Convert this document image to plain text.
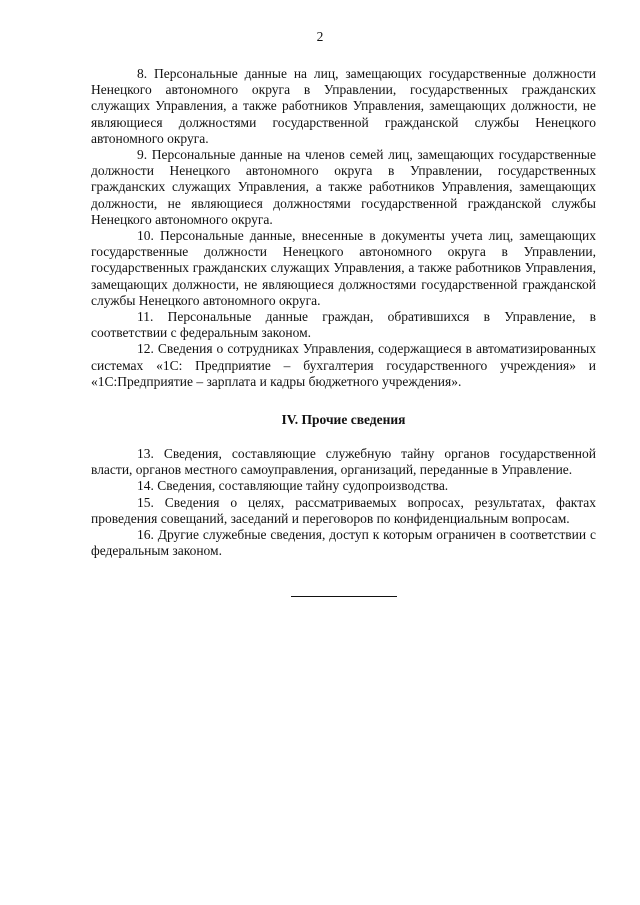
2

8. Персональные данные на лиц, замещающих государственные должности Ненецкого автономного округа в Управлении, государственных гражданских служащих Управления, а также работников Управления, замещающих должности, не являющиеся должностями государственной гражданской службы Ненецкого автономного округа.

9. Персональные данные на членов семей лиц, замещающих государственные должности Ненецкого автономного округа в Управлении, государственных гражданских служащих Управления, а также работников Управления, замещающих должности, не являющиеся должностями государственной гражданской службы Ненецкого автономного округа.

10. Персональные данные, внесенные в документы учета лиц, замещающих государственные должности Ненецкого автономного округа в Управлении, государственных гражданских служащих Управления, а также работников Управления, замещающих должности, не являющиеся должностями государственной гражданской службы Ненецкого автономного округа.

11. Персональные данные граждан, обратившихся в Управление, в соответствии с федеральным законом.

12. Сведения о сотрудниках Управления, содержащиеся в автоматизированных системах «1С: Предприятие – бухгалтерия государственного учреждения» и «1С:Предприятие – зарплата и кадры бюджетного учреждения».

IV. Прочие сведения

13. Сведения, составляющие служебную тайну органов государственной власти, органов местного самоуправления, организаций, переданные в Управление.

14. Сведения, составляющие тайну судопроизводства.

15. Сведения о целях, рассматриваемых вопросах, результатах, фактах проведения совещаний, заседаний и переговоров по конфиденциальным вопросам.

16. Другие служебные сведения, доступ к которым ограничен в соответствии с федеральным законом.
